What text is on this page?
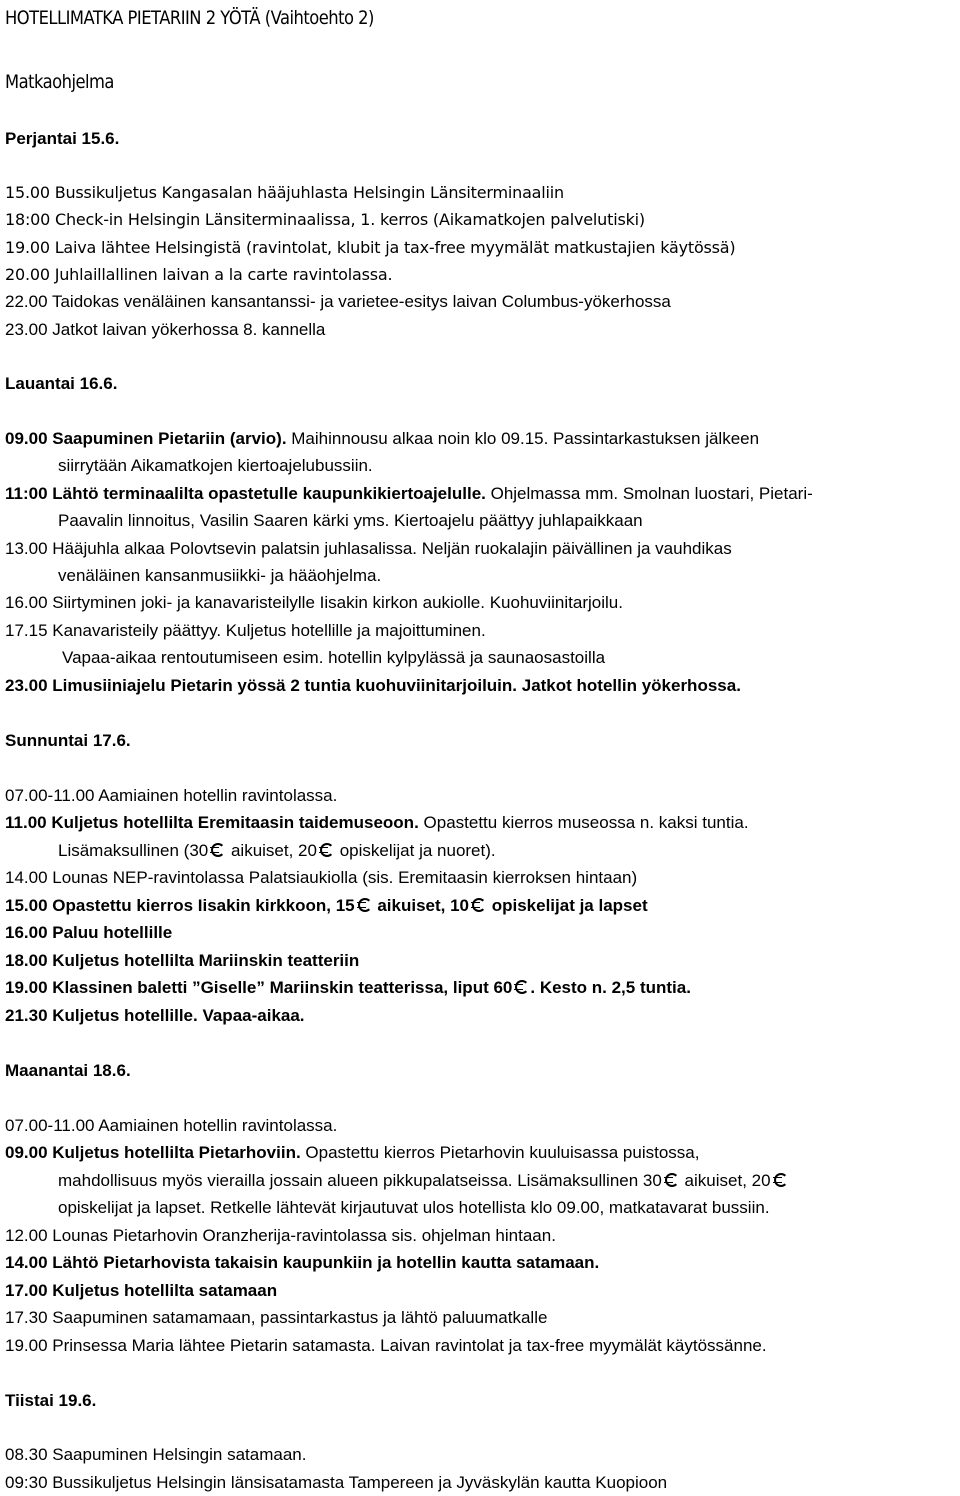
HOTELLIMATKA PIETARIIN 2 YÖTÄ (Vaihtoehto 2)
Matkaohjelma
Perjantai 15.6.
15.00 Bussikuljetus Kangasalan hääjuhlasta Helsingin Länsiterminaaliin
18:00 Check-in Helsingin Länsiterminaalissa, 1. kerros (Aikamatkojen palvelutiski)
19.00 Laiva lähtee Helsingistä (ravintolat, klubit ja tax-free myymälät matkustajien käytössä)
20.00 Juhlaillallinen laivan a la carte ravintolassa.
22.00 Taidokas venäläinen kansantanssi- ja varietee-esitys laivan Columbus-yökerhossa
23.00 Jatkot laivan yökerhossa 8. kannella
Lauantai 16.6.
09.00 Saapuminen Pietariin (arvio). Maihinnousu alkaa noin klo 09.15. Passintarkastuksen jälkeen
siirrytään Aikamatkojen kiertoajelubussiin.
11:00 Lähtö terminaalilta opastetulle kaupunkikiertoajelulle. Ohjelmassa mm. Smolnan luostari, Pietari-
Paavalin linnoitus, Vasilin Saaren kärki yms. Kiertoajelu päättyy juhlapaikkaan
13.00 Hääjuhla alkaa Polovtsevin palatsin juhlasalissa. Neljän ruokalajin päivällinen ja vauhdikas
venäläinen kansanmusiikki- ja hääohjelma.
16.00 Siirtyminen joki- ja kanavaristeilylle Iisakin kirkon aukiolle. Kuohuviinitarjoilu.
17.15 Kanavaristeily päättyy. Kuljetus hotellille ja majoittuminen.
Vapaa-aikaa rentoutumiseen esim. hotellin kylpylässä ja saunaosastoilla
23.00 Limusiiniajelu Pietarin yössä 2 tuntia kuohuviinitarjoiluin. Jatkot hotellin yökerhossa.
Sunnuntai 17.6.
07.00-11.00 Aamiainen hotellin ravintolassa.
11.00 Kuljetus hotellilta Eremitaasin taidemuseoon. Opastettu kierros museossa n. kaksi tuntia.
Lisämaksullinen (30 aikuiset, 20 opiskelijat ja nuoret).
14.00 Lounas NEP-ravintolassa Palatsiaukiolla (sis. Eremitaasin kierroksen hintaan)
15.00 Opastettu kierros Iisakin kirkkoon, 15 aikuiset, 10 opiskelijat ja lapset
16.00 Paluu hotellille
18.00 Kuljetus hotellilta Mariinskin teatteriin
19.00 Klassinen baletti ”Giselle” Mariinskin teatterissa, liput 60 . Kesto n. 2,5 tuntia.
21.30 Kuljetus hotellille. Vapaa-aikaa.
Maanantai 18.6.
07.00-11.00 Aamiainen hotellin ravintolassa.
09.00 Kuljetus hotellilta Pietarhoviin. Opastettu kierros Pietarhovin kuuluisassa puistossa,
mahdollisuus myös vierailla jossain alueen pikkupalatseissa. Lisämaksullinen 30 aikuiset, 20
opiskelijat ja lapset. Retkelle lähtevät kirjautuvat ulos hotellista klo 09.00, matkatavarat bussiin.
12.00 Lounas Pietarhovin Oranzherija-ravintolassa sis. ohjelman hintaan.
14.00 Lähtö Pietarhovista takaisin kaupunkiin ja hotellin kautta satamaan.
17.00 Kuljetus hotellilta satamaan
17.30 Saapuminen satamamaan, passintarkastus ja lähtö paluumatkalle
19.00 Prinsessa Maria lähtee Pietarin satamasta. Laivan ravintolat ja tax-free myymälät käytössänne.
Tiistai 19.6.
08.30 Saapuminen Helsingin satamaan.
09:30 Bussikuljetus Helsingin länsisatamasta Tampereen ja Jyväskylän kautta Kuopioon
